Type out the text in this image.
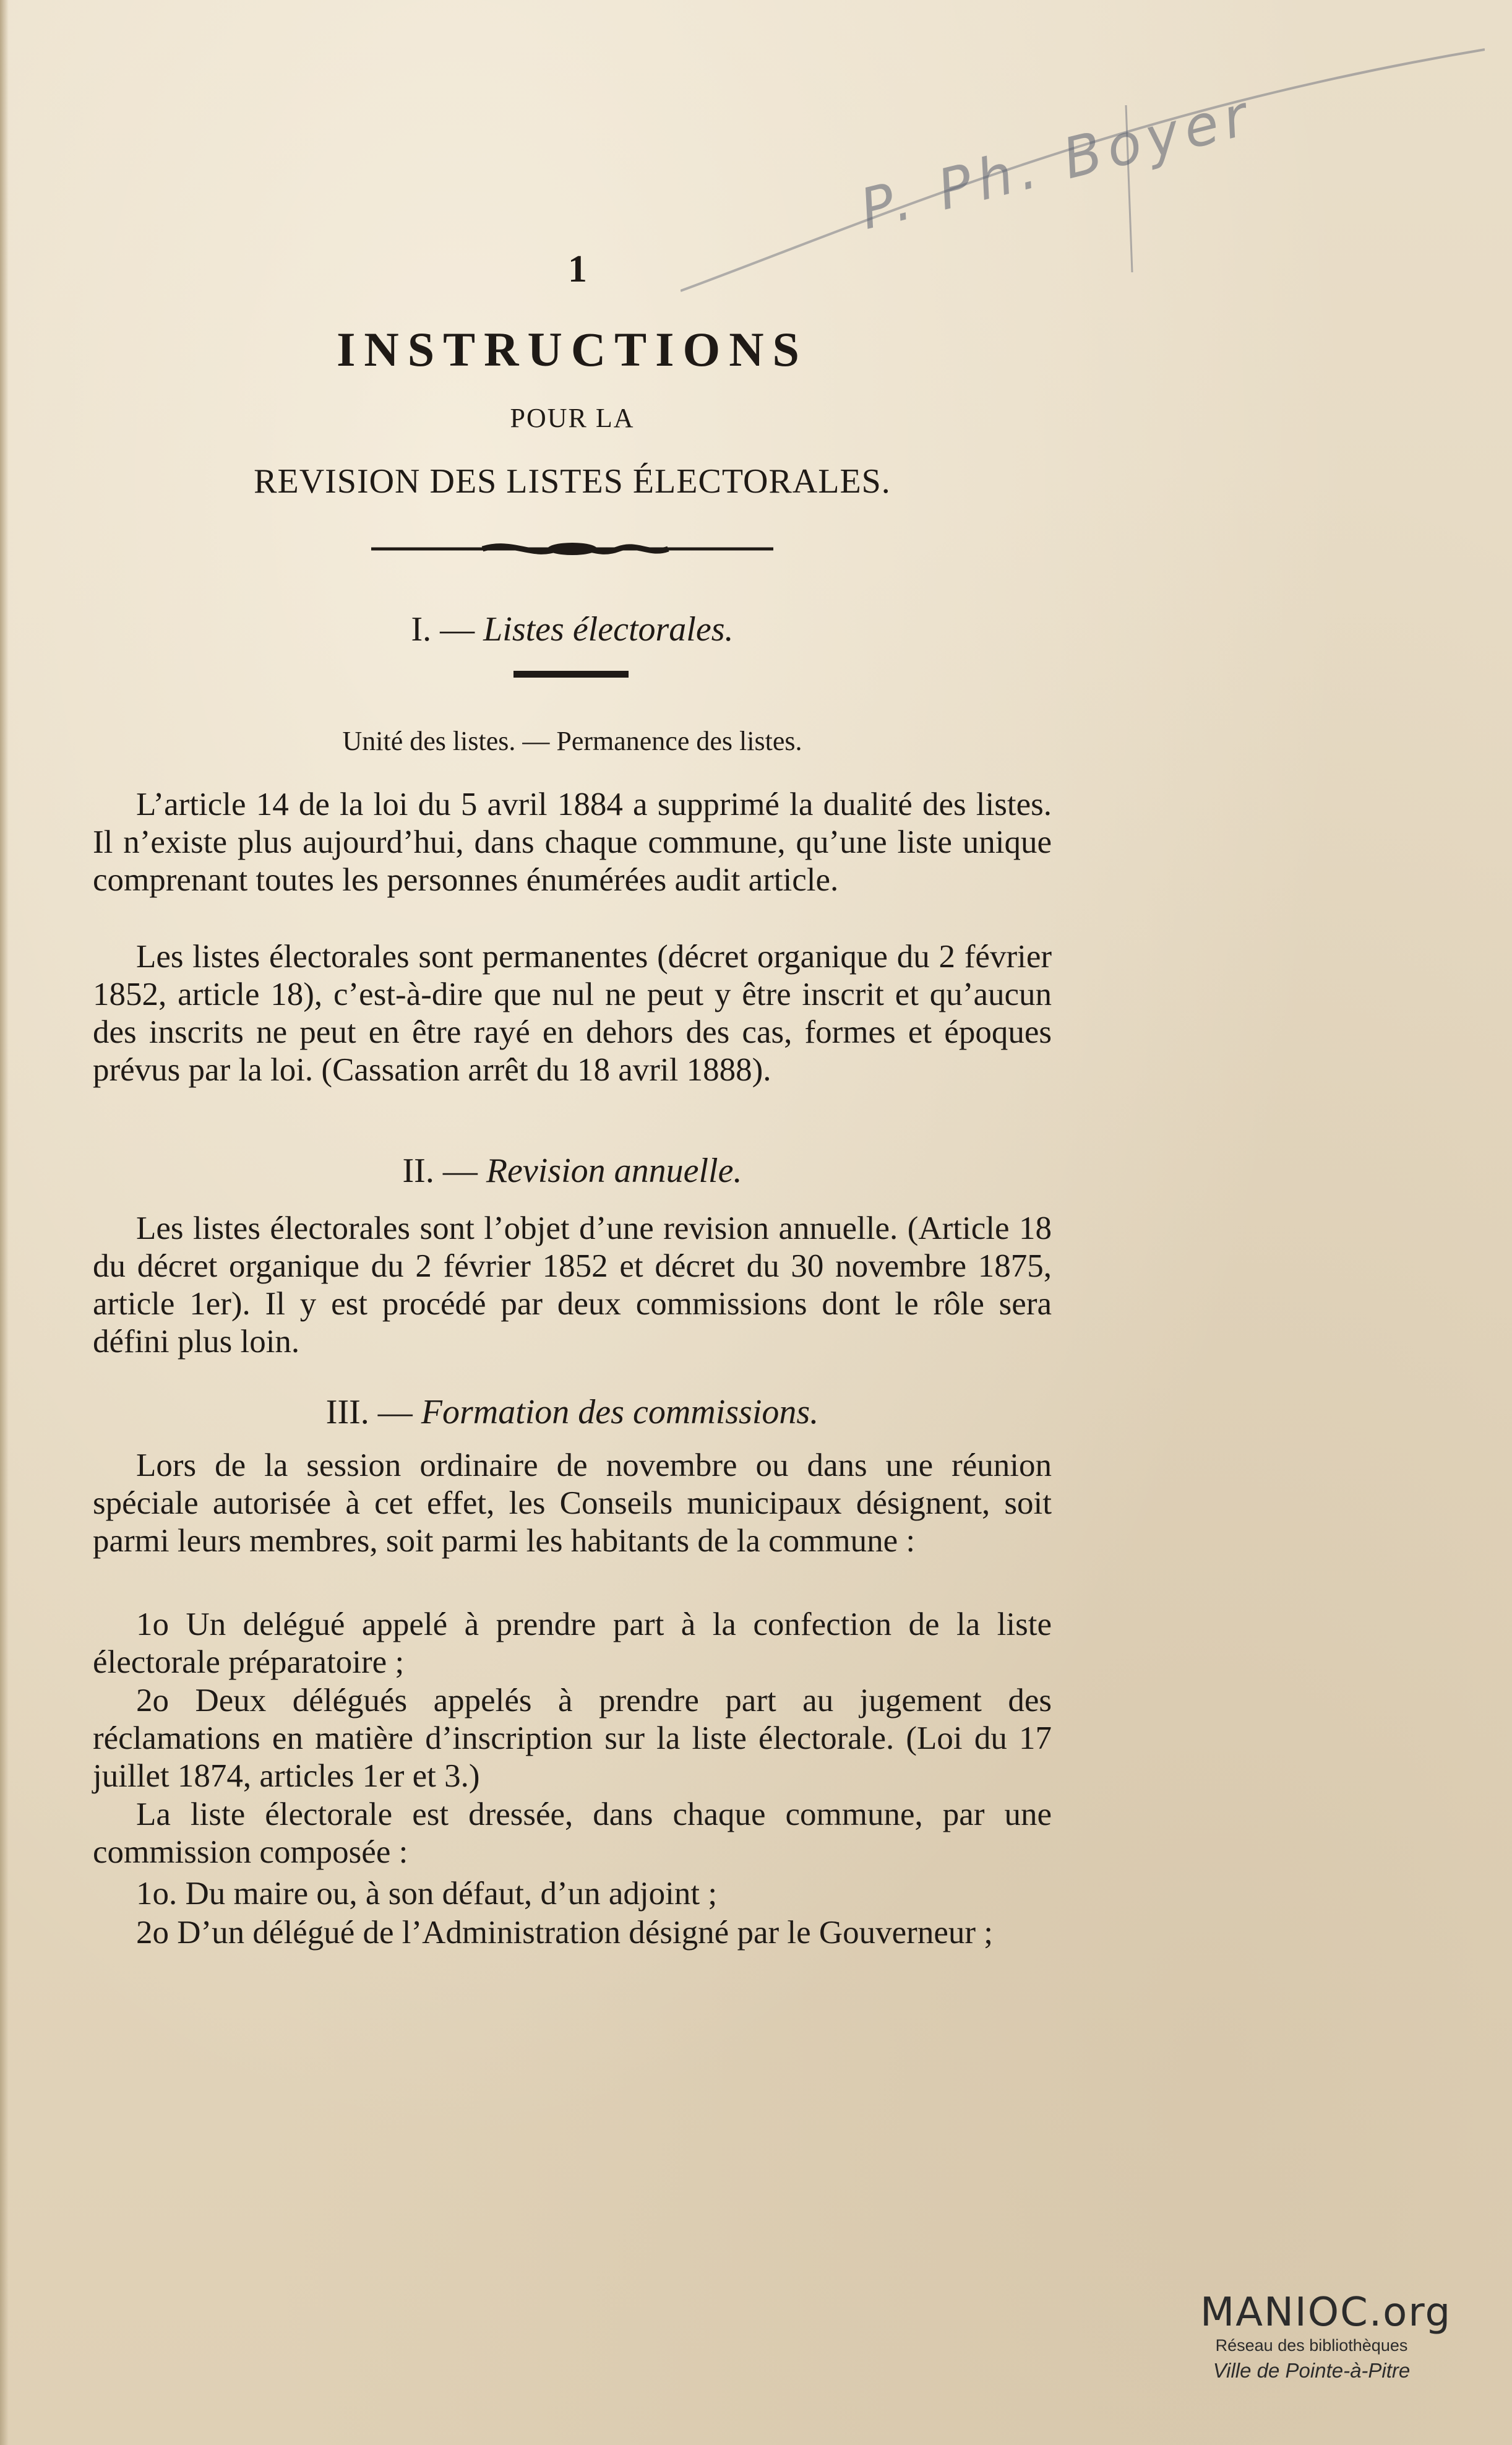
P. Ph. Boyer
1
INSTRUCTIONS
POUR LA
REVISION DES LISTES ÉLECTORALES.
I. — Listes électorales.
Unité des listes. — Permanence des listes.
L’article 14 de la loi du 5 avril 1884 a supprimé la dualité des listes. Il n’existe plus aujourd’hui, dans chaque commune, qu’une liste unique comprenant toutes les personnes énumérées audit article.
Les listes électorales sont permanentes (décret organique du 2 février 1852, article 18), c’est-à-dire que nul ne peut y être inscrit et qu’aucun des inscrits ne peut en être rayé en dehors des cas, formes et époques prévus par la loi. (Cassation arrêt du 18 avril 1888).
II. — Revision annuelle.
Les listes électorales sont l’objet d’une revision annuelle. (Article 18 du décret organique du 2 février 1852 et décret du 30 novembre 1875, article 1er). Il y est procédé par deux commissions dont le rôle sera défini plus loin.
III. — Formation des commissions.
Lors de la session ordinaire de novembre ou dans une réunion spéciale autorisée à cet effet, les Conseils municipaux désignent, soit parmi leurs membres, soit parmi les habitants de la commune :
1o Un delégué appelé à prendre part à la confection de la liste électorale préparatoire ;
2o Deux délégués appelés à prendre part au jugement des réclamations en matière d’inscription sur la liste électorale. (Loi du 17 juillet 1874, articles 1er et 3.)
La liste électorale est dressée, dans chaque commune, par une commission composée :
1o. Du maire ou, à son défaut, d’un adjoint ;
2o D’un délégué de l’Administration désigné par le Gouverneur ;
MANIOC.org
Réseau des bibliothèques
Ville de Pointe-à-Pitre
